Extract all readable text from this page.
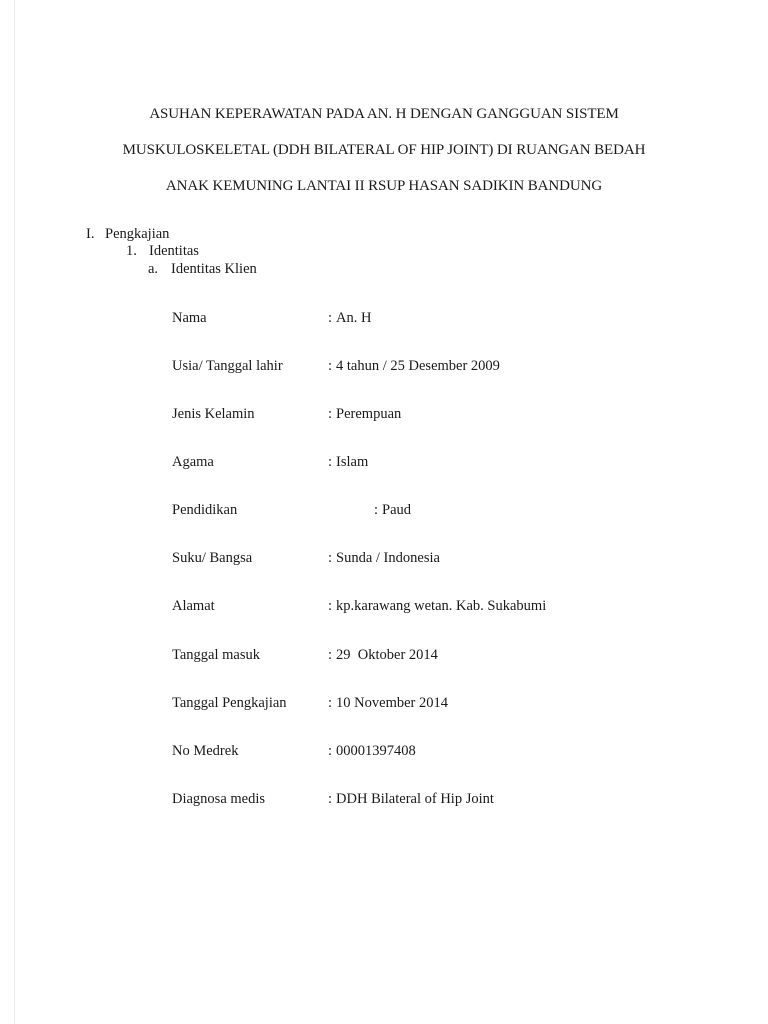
ASUHAN KEPERAWATAN PADA AN. H DENGAN GANGGUAN SISTEM
MUSKULOSKELETAL (DDH BILATERAL OF HIP JOINT) DI RUANGAN BEDAH
ANAK KEMUNING LANTAI II RSUP HASAN SADIKIN BANDUNG
I. Pengkajian
1. Identitas
a. Identitas Klien
Nama	: An. H
Usia/ Tanggal lahir	: 4 tahun / 25 Desember 2009
Jenis Kelamin	: Perempuan
Agama	: Islam
Pendidikan	: Paud
Suku/ Bangsa	: Sunda / Indonesia
Alamat	: kp.karawang wetan. Kab. Sukabumi
Tanggal masuk	: 29  Oktober 2014
Tanggal Pengkajian	: 10 November 2014
No Medrek	: 00001397408
Diagnosa medis	: DDH Bilateral of Hip Joint
